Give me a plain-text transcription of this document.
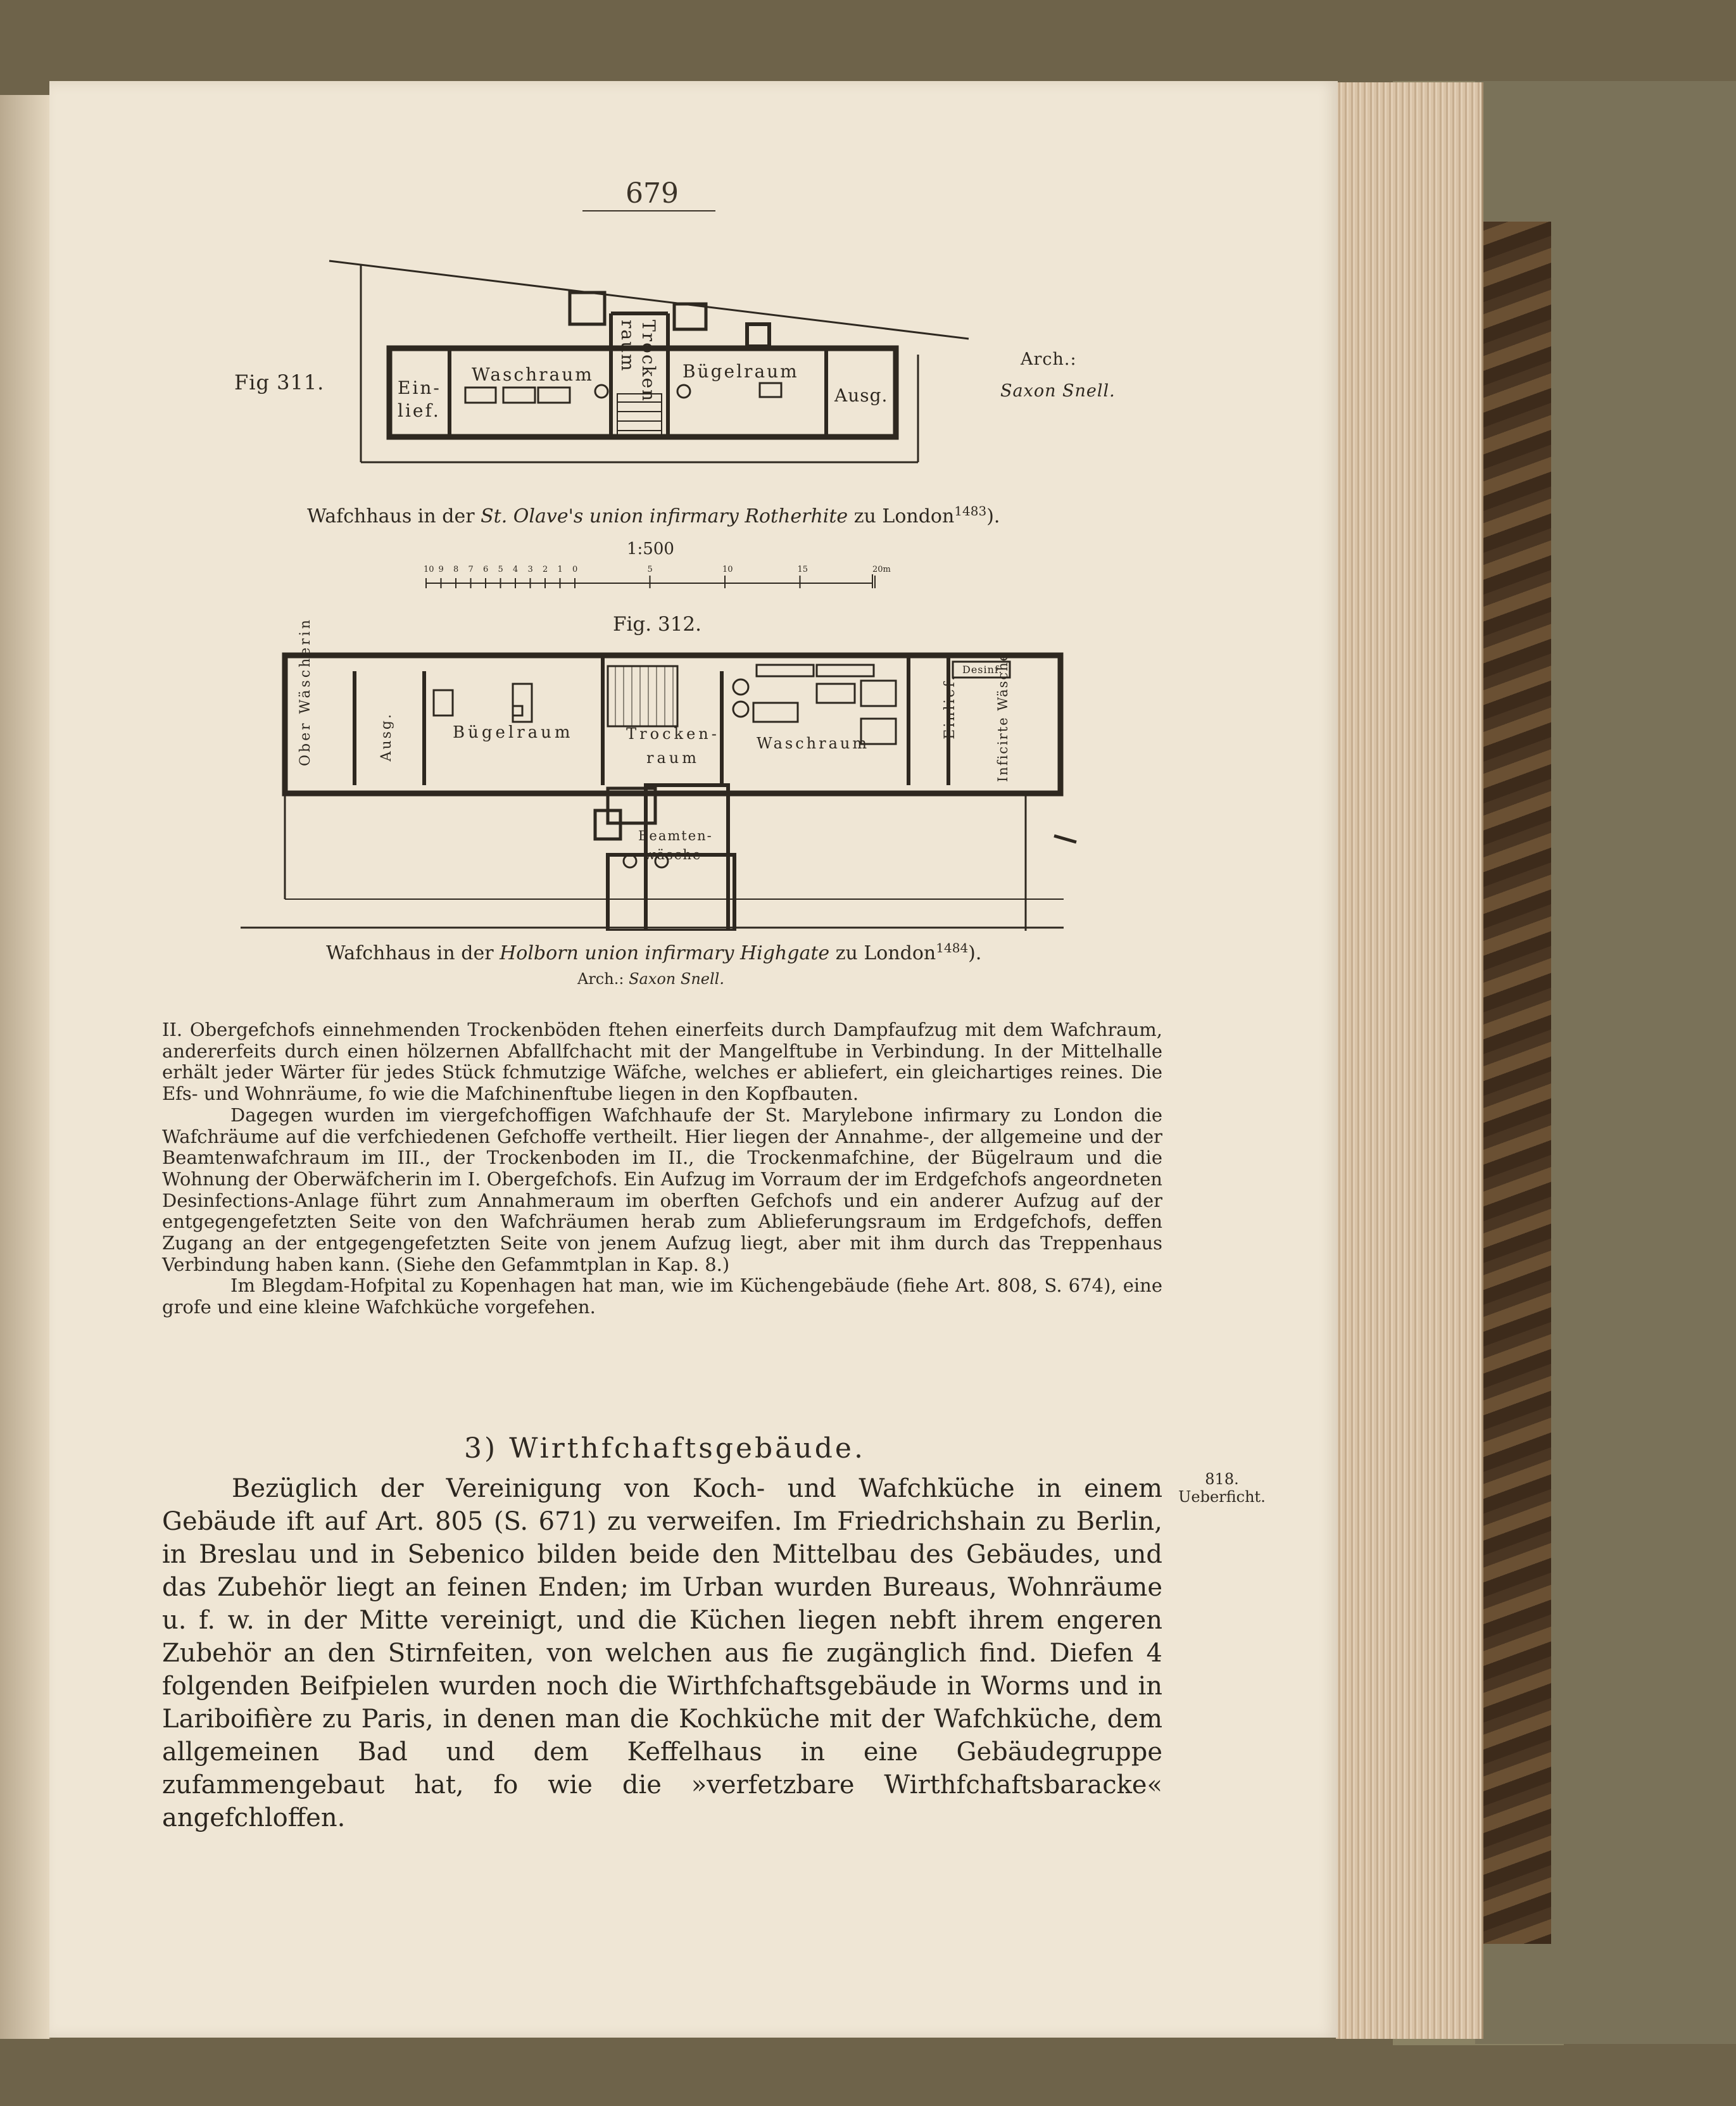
679
Fig 311.
Arch.:
Saxon Snell.
Ein-lief.
Waschraum	Trocken raum	Bügelraum
Ausg.
Wafchhaus in der St. Olave's union infirmary Rotherhite zu London$^{1483}$).
1:500
10 9 8 7 6 5 4 3 2 1 0	5	10	15	20m
Fig. 312.
Ober Wäscherin	Ausg.	Bügelraum	Trocken-raum
Waschraum
Einlief.	Inficirte Wäsche
Desinf.
Beamten-wäsche
Wafchhaus in der Holborn union infirmary Highgate zu London$^{1484}$).
Arch.: Saxon Snell.

II. Obergefchofs einnehmenden Trockenböden ftehen einerfeits durch Dampfaufzug mit dem Wafchraum, andererfeits durch einen hölzernen Abfallfchacht mit der Mangelftube in Verbindung. In der Mittelhalle erhält jeder Wärter für jedes Stück fchmutzige Wäfche, welches er abliefert, ein gleichartiges reines. Die Efs- und Wohnräume, fo wie die Mafchinenftube liegen in den Kopfbauten.

Dagegen wurden im viergefchoffigen Wafchhaufe der St. Marylebone infirmary zu London die Wafchräume auf die verfchiedenen Gefchoffe vertheilt. Hier liegen der Annahme-, der allgemeine und der Beamtenwafchraum im III., der Trockenboden im II., die Trockenmafchine, der Bügelraum und die Wohnung der Oberwäfcherin im I. Obergefchofs. Ein Aufzug im Vorraum der im Erdgefchofs angeordneten Desinfections-Anlage führt zum Annahmeraum im oberften Gefchofs und ein anderer Aufzug auf der entgegengefetzten Seite von den Wafchräumen herab zum Ablieferungsraum im Erdgefchofs, deffen Zugang an der entgegengefetzten Seite von jenem Aufzug liegt, aber mit ihm durch das Treppenhaus Verbindung haben kann. (Siehe den Gefammtplan in Kap. 8.)

Im Blegdam-Hofpital zu Kopenhagen hat man, wie im Küchengebäude (fiehe Art. 808, S. 674), eine grofe und eine kleine Wafchküche vorgefehen.

3) Wirthfchaftsgebäude.
818.
Ueberficht.

Bezüglich der Vereinigung von Koch- und Wafchküche in einem Gebäude ift auf Art. 805 (S. 671) zu verweifen. Im Friedrichshain zu Berlin, in Breslau und in Sebenico bilden beide den Mittelbau des Gebäudes, und das Zubehör liegt an feinen Enden; im Urban wurden Bureaus, Wohnräume u. f. w. in der Mitte vereinigt, und die Küchen liegen nebft ihrem engeren Zubehör an den Stirnfeiten, von welchen aus fie zugänglich find. Diefen 4 folgenden Beifpielen wurden noch die Wirthfchaftsgebäude in Worms und in Lariboifière zu Paris, in denen man die Kochküche mit der Wafchküche, dem allgemeinen Bad und dem Keffelhaus in eine Gebäudegruppe zufammengebaut hat, fo wie die »verfetzbare Wirthfchaftsbaracke« angefchloffen.
